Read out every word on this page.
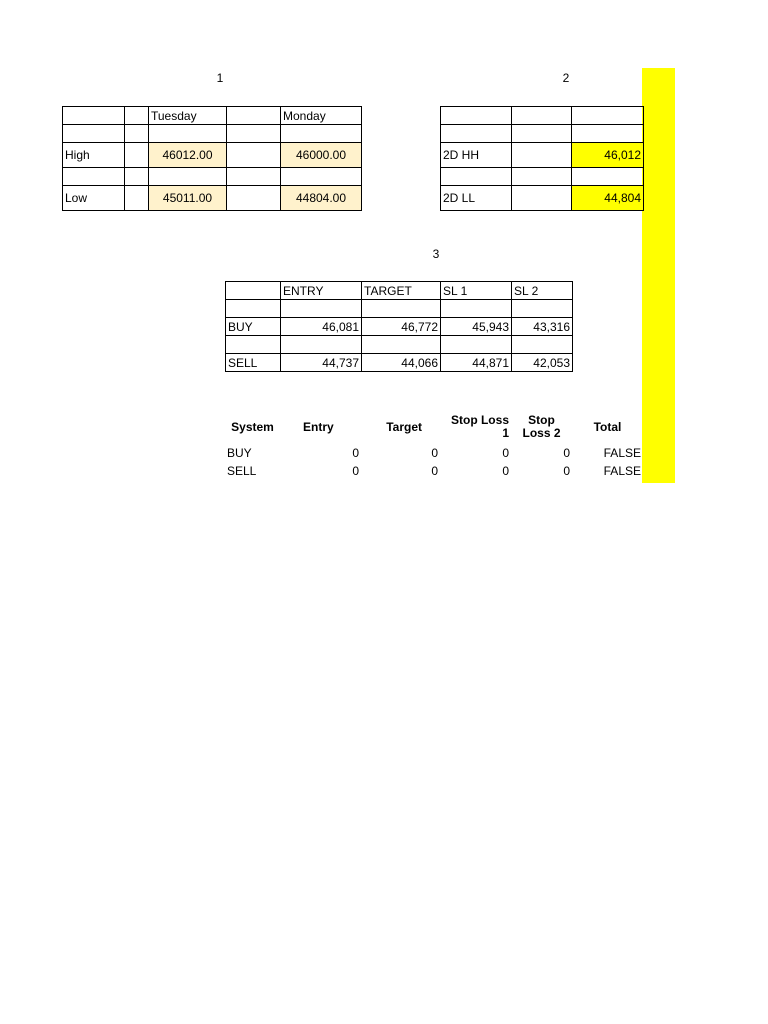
1	2
3
		Tuesday		Monday

High		46012.00		46000.00

Low		45011.00		44804.00

2D HH		46,012

2D LL		44,804
	ENTRY	TARGET	SL 1	SL 2

BUY	46,081	46,772	45,943	43,316

SELL	44,737	44,066	44,871	42,053
System	Entry	Target	Stop Loss 1	Stop Loss 2	Total
BUY	0	0	0	0	FALSE
SELL	0	0	0	0	FALSE
